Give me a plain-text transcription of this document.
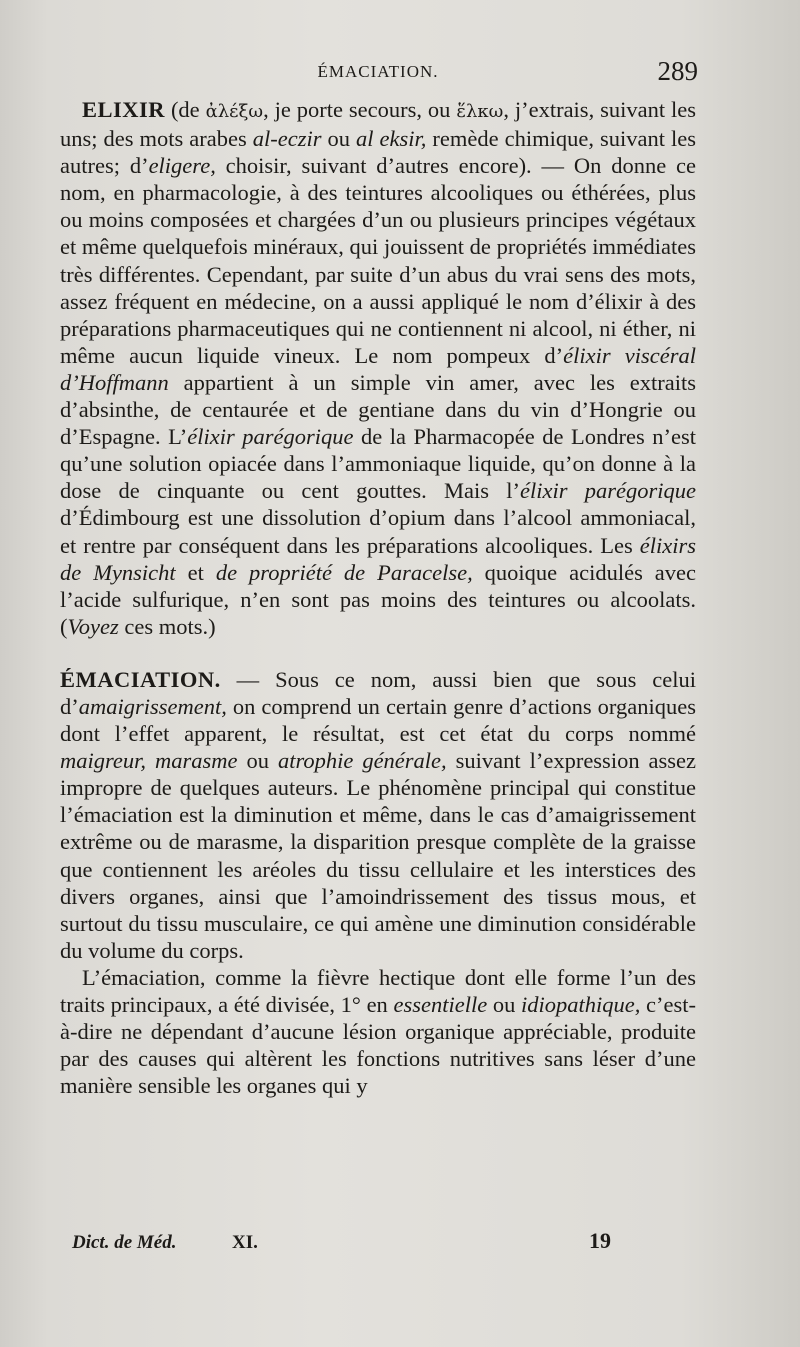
ÉMACIATION.	289

ELIXIR (de ἀλέξω, je porte secours, ou ἕλκω, j’extrais, suivant les uns; des mots arabes al-eczir ou al eksir, remède chimique, suivant les autres; d’eligere, choisir, suivant d’autres encore). — On donne ce nom, en pharmacologie, à des teintures alcooliques ou éthérées, plus ou moins composées et chargées d’un ou plusieurs principes végétaux et même quelquefois minéraux, qui jouissent de propriétés immédiates très différentes. Cependant, par suite d’un abus du vrai sens des mots, assez fréquent en médecine, on a aussi appliqué le nom d’élixir à des préparations pharmaceutiques qui ne contiennent ni alcool, ni éther, ni même aucun liquide vineux. Le nom pompeux d’élixir viscéral d’Hoffmann appartient à un simple vin amer, avec les extraits d’absinthe, de centaurée et de gentiane dans du vin d’Hongrie ou d’Espagne. L’élixir parégorique de la Pharmacopée de Londres n’est qu’une solution opiacée dans l’ammoniaque liquide, qu’on donne à la dose de cinquante ou cent gouttes. Mais l’élixir parégorique d’Édimbourg est une dissolution d’opium dans l’alcool ammoniacal, et rentre par conséquent dans les préparations alcooliques. Les élixirs de Mynsicht et de propriété de Paracelse, quoique acidulés avec l’acide sulfurique, n’en sont pas moins des teintures ou alcoolats. (Voyez ces mots.)

ÉMACIATION. — Sous ce nom, aussi bien que sous celui d’amaigrissement, on comprend un certain genre d’actions organiques dont l’effet apparent, le résultat, est cet état du corps nommé maigreur, marasme ou atrophie générale, suivant l’expression assez impropre de quelques auteurs. Le phénomène principal qui constitue l’émaciation est la diminution et même, dans le cas d’amaigrissement extrême ou de marasme, la disparition presque complète de la graisse que contiennent les aréoles du tissu cellulaire et les interstices des divers organes, ainsi que l’amoindrissement des tissus mous, et surtout du tissu musculaire, ce qui amène une diminution considérable du volume du corps.

L’émaciation, comme la fièvre hectique dont elle forme l’un des traits principaux, a été divisée, 1° en essentielle ou idiopathique, c’est-à-dire ne dépendant d’aucune lésion organique appréciable, produite par des causes qui altèrent les fonctions nutritives sans léser d’une manière sensible les organes qui y

Dict. de Méd.	XI.	19
